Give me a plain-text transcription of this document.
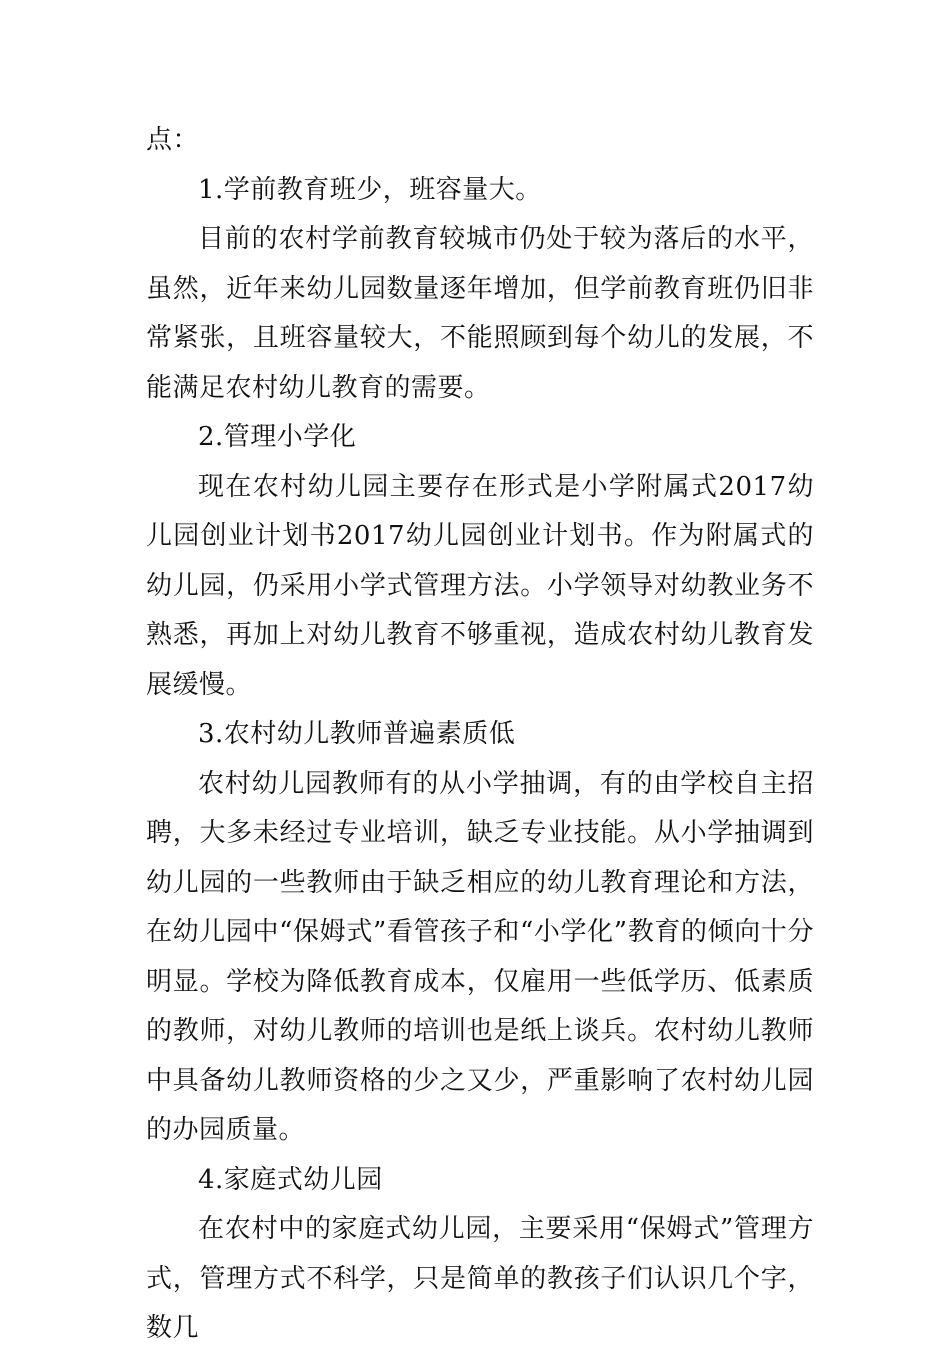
点：

1.学前教育班少，班容量大。

目前的农村学前教育较城市仍处于较为落后的水平，虽然，近年来幼儿园数量逐年增加，但学前教育班仍旧非常紧张，且班容量较大，不能照顾到每个幼儿的发展，不能满足农村幼儿教育的需要。

2.管理小学化

现在农村幼儿园主要存在形式是小学附属式2017幼儿园创业计划书2017幼儿园创业计划书。作为附属式的幼儿园，仍采用小学式管理方法。小学领导对幼教业务不熟悉，再加上对幼儿教育不够重视，造成农村幼儿教育发展缓慢。

3.农村幼儿教师普遍素质低

农村幼儿园教师有的从小学抽调，有的由学校自主招聘，大多未经过专业培训，缺乏专业技能。从小学抽调到幼儿园的一些教师由于缺乏相应的幼儿教育理论和方法，在幼儿园中“保姆式”看管孩子和“小学化”教育的倾向十分明显。学校为降低教育成本，仅雇用一些低学历、低素质的教师，对幼儿教师的培训也是纸上谈兵。农村幼儿教师中具备幼儿教师资格的少之又少，严重影响了农村幼儿园的办园质量。

4.家庭式幼儿园

在农村中的家庭式幼儿园，主要采用“保姆式”管理方式，管理方式不科学，只是简单的教孩子们认识几个字，数几
